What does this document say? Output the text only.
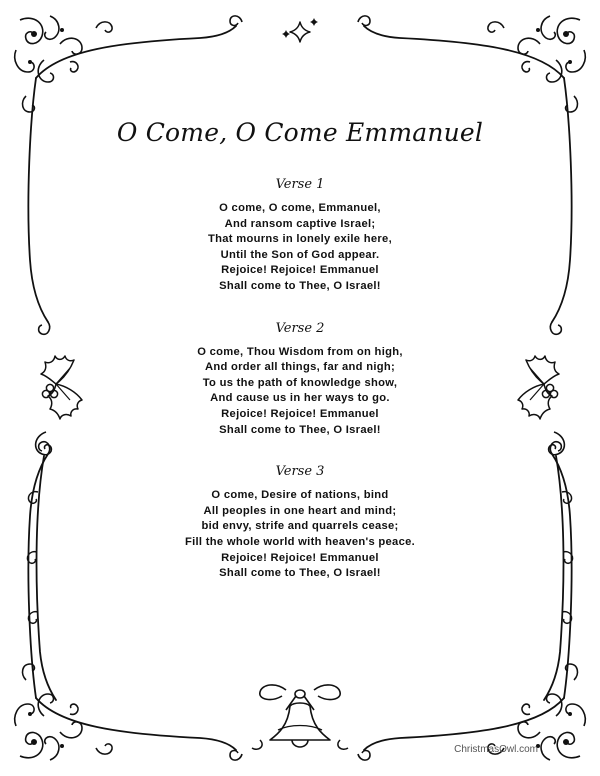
O Come, O Come Emmanuel
Verse 1
O come, O come, Emmanuel,
And ransom captive Israel;
That mourns in lonely exile here,
Until the Son of God appear.
Rejoice! Rejoice! Emmanuel
Shall come to Thee, O Israel!
Verse 2
O come, Thou Wisdom from on high,
And order all things, far and nigh;
To us the path of knowledge show,
And cause us in her ways to go.
Rejoice! Rejoice! Emmanuel
Shall come to Thee, O Israel!
Verse 3
O come, Desire of nations, bind
All peoples in one heart and mind;
bid envy, strife and quarrels cease;
Fill the whole world with heaven's peace.
Rejoice! Rejoice! Emmanuel
Shall come to Thee, O Israel!
ChristmasOwl.com
